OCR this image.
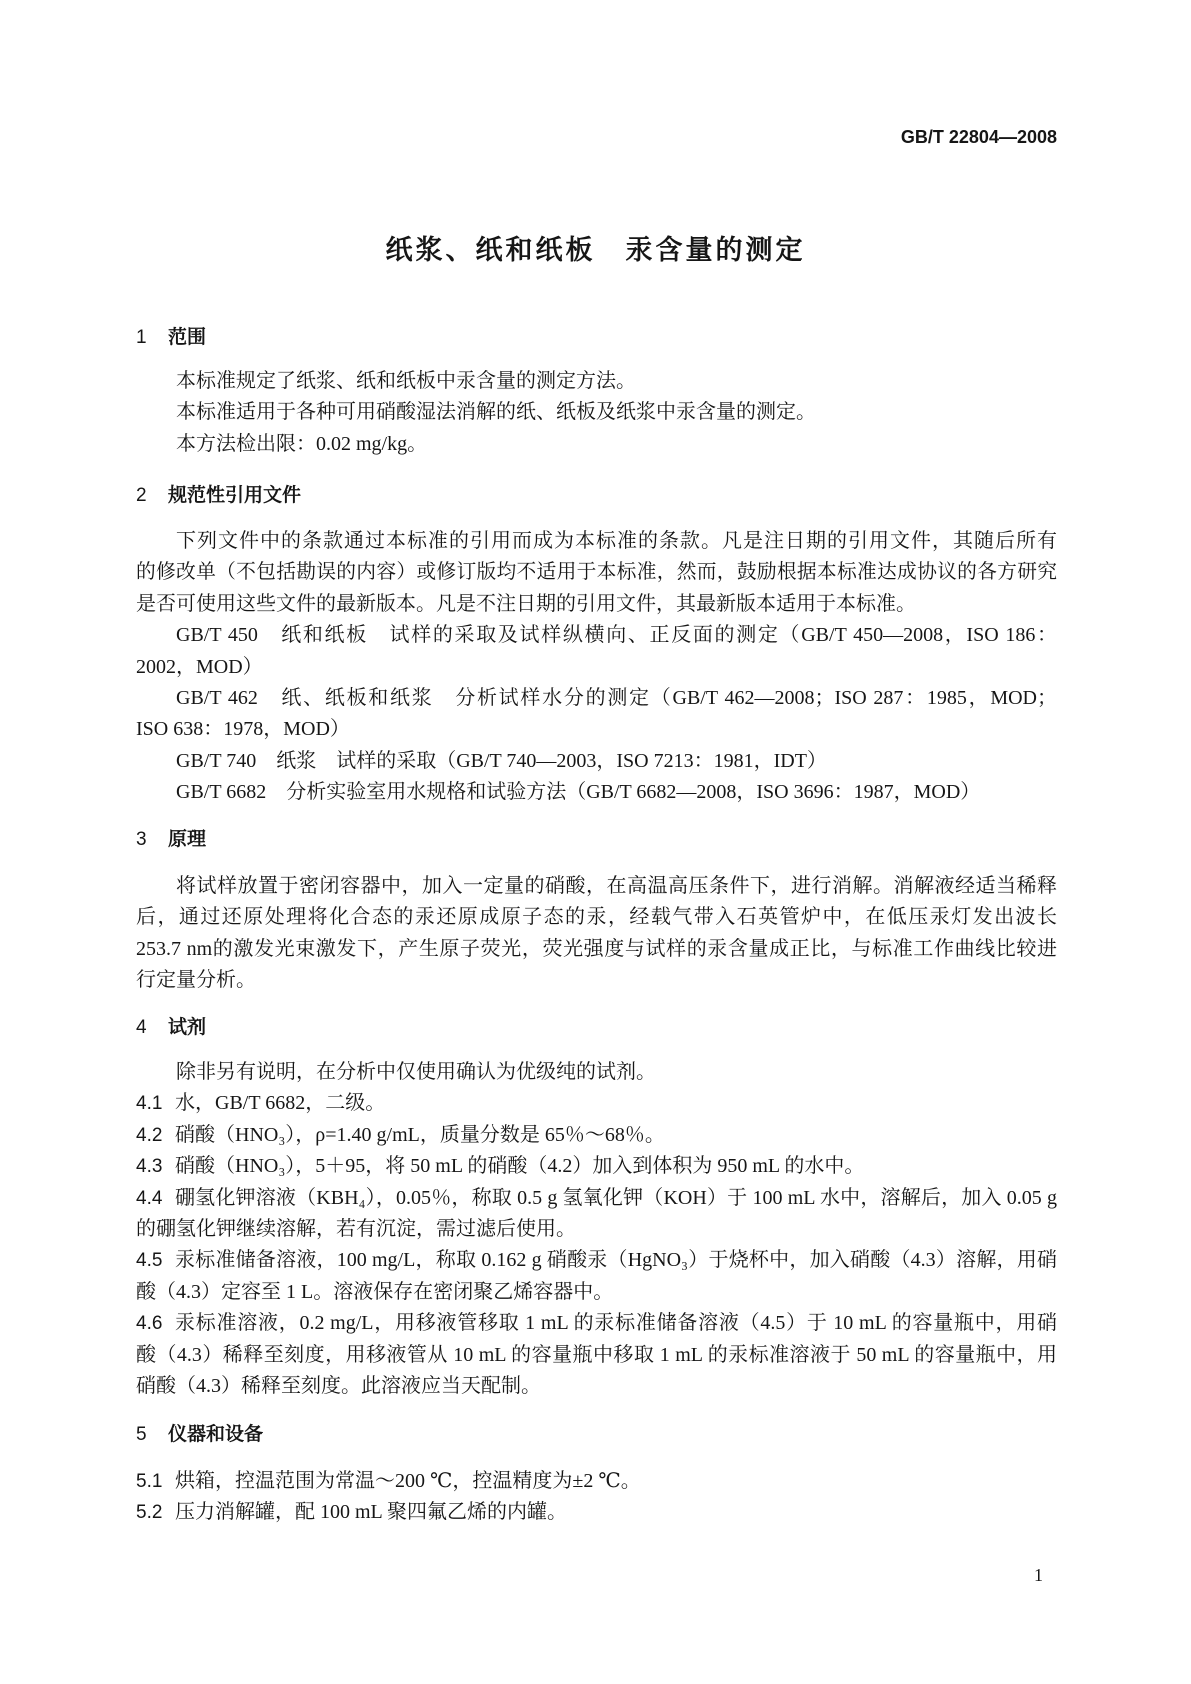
GB/T 22804—2008
纸浆、纸和纸板　汞含量的测定
1	范围
本标准规定了纸浆、纸和纸板中汞含量的测定方法。
本标准适用于各种可用硝酸湿法消解的纸、纸板及纸浆中汞含量的测定。
本方法检出限：0.02 mg/kg。
2	规范性引用文件
下列文件中的条款通过本标准的引用而成为本标准的条款。凡是注日期的引用文件，其随后所有
的修改单（不包括勘误的内容）或修订版均不适用于本标准，然而，鼓励根据本标准达成协议的各方研究
是否可使用这些文件的最新版本。凡是不注日期的引用文件，其最新版本适用于本标准。
GB/T 450　纸和纸板　试样的采取及试样纵横向、正反面的测定（GB/T 450—2008，ISO 186：
2002，MOD）
GB/T 462　纸、纸板和纸浆　分析试样水分的测定（GB/T 462—2008；ISO 287：1985，MOD；
ISO 638：1978，MOD）
GB/T 740　纸浆　试样的采取（GB/T 740—2003，ISO 7213：1981，IDT）
GB/T 6682　分析实验室用水规格和试验方法（GB/T 6682—2008，ISO 3696：1987，MOD）
3	原理
将试样放置于密闭容器中，加入一定量的硝酸，在高温高压条件下，进行消解。消解液经适当稀释
后，通过还原处理将化合态的汞还原成原子态的汞，经载气带入石英管炉中，在低压汞灯发出波长
253.7 nm的激发光束激发下，产生原子荧光，荧光强度与试样的汞含量成正比，与标准工作曲线比较进
行定量分析。
4	试剂
除非另有说明，在分析中仅使用确认为优级纯的试剂。
4.1 水，GB/T 6682，二级。
4.2 硝酸（HNO₃），ρ=1.40 g/mL，质量分数是 65％～68％。
4.3 硝酸（HNO₃），5＋95，将 50 mL 的硝酸（4.2）加入到体积为 950 mL 的水中。
4.4 硼氢化钾溶液（KBH₄），0.05％，称取 0.5 g 氢氧化钾（KOH）于 100 mL 水中，溶解后，加入 0.05 g
的硼氢化钾继续溶解，若有沉淀，需过滤后使用。
4.5 汞标准储备溶液，100 mg/L，称取 0.162 g 硝酸汞（HgNO₃）于烧杯中，加入硝酸（4.3）溶解，用硝
酸（4.3）定容至 1 L。溶液保存在密闭聚乙烯容器中。
4.6 汞标准溶液，0.2 mg/L，用移液管移取 1 mL 的汞标准储备溶液（4.5）于 10 mL 的容量瓶中，用硝
酸（4.3）稀释至刻度，用移液管从 10 mL 的容量瓶中移取 1 mL 的汞标准溶液于 50 mL 的容量瓶中，用
硝酸（4.3）稀释至刻度。此溶液应当天配制。
5	仪器和设备
5.1 烘箱，控温范围为常温～200 ℃，控温精度为±2 ℃。
5.2 压力消解罐，配 100 mL 聚四氟乙烯的内罐。
1
